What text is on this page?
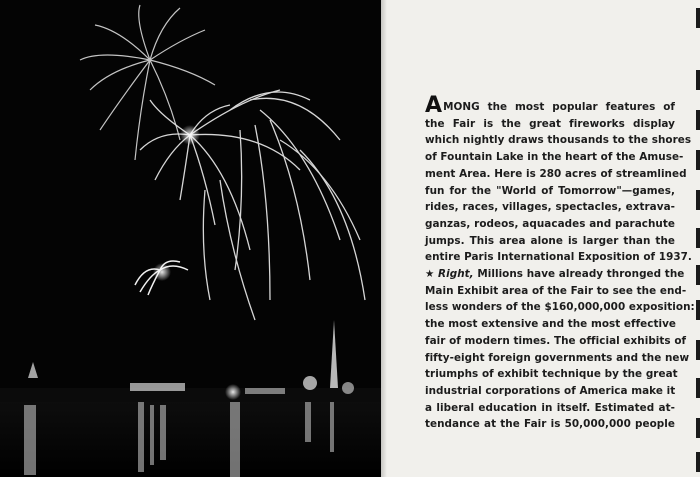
AMONG the most popular features of
the Fair is the great fireworks display
which nightly draws thousands to the shores
of Fountain Lake in the heart of the Amuse-
ment Area. Here is 280 acres of streamlined
fun for the "World of Tomorrow"—games,
rides, races, villages, spectacles, extrava-
ganzas, rodeos, aquacades and parachute
jumps. This area alone is larger than the
entire Paris International Exposition of 1937.
★ Right, Millions have already thronged the
Main Exhibit area of the Fair to see the end-
less wonders of the $160,000,000 exposition:
the most extensive and the most effective
fair of modern times. The official exhibits of
fifty-eight foreign governments and the new
triumphs of exhibit technique by the great
industrial corporations of America make it
a liberal education in itself. Estimated at-
tendance at the Fair is 50,000,000 people
